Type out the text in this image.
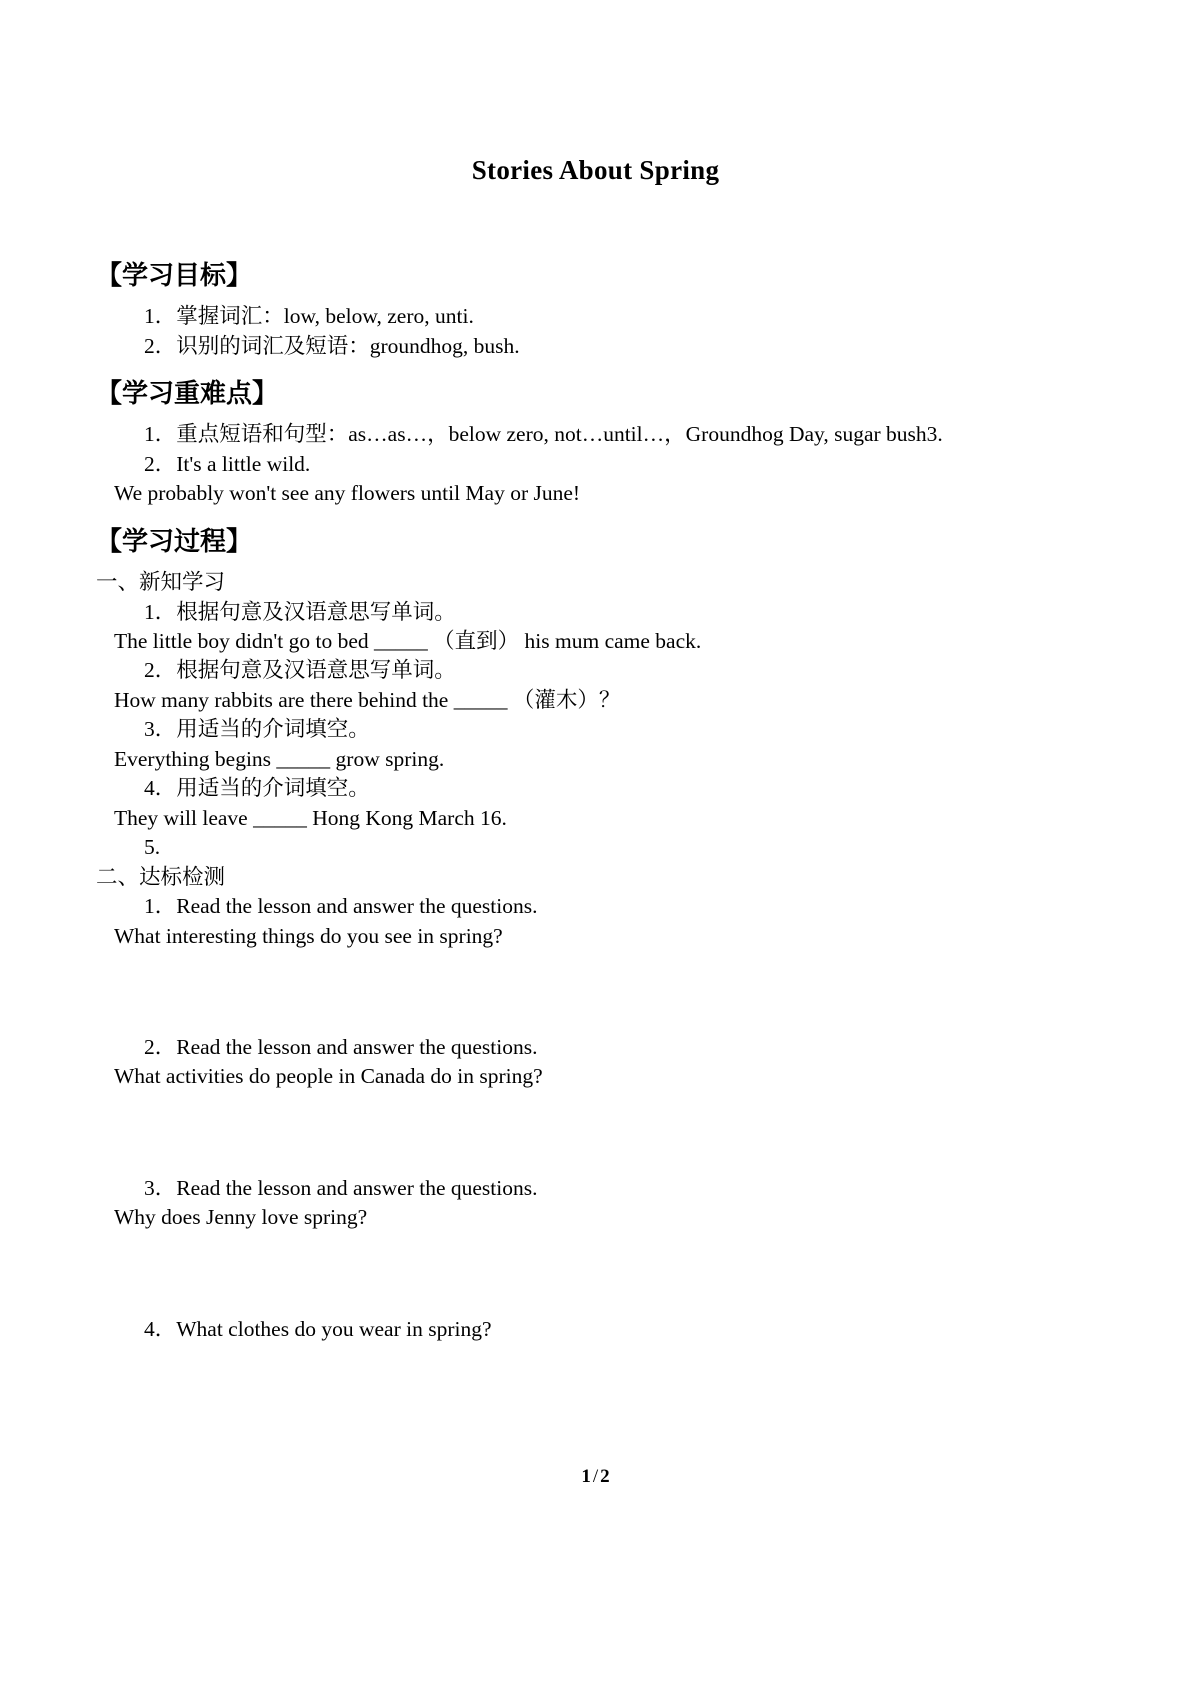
Stories About Spring
【学习目标】
1．掌握词汇：low, below, zero, unti.
2．识别的词汇及短语：groundhog, bush.
【学习重难点】
1．重点短语和句型：as…as…，below zero, not…until…，Groundhog Day, sugar bush3.
2．It's a little wild.
We probably won't see any flowers until May or June!
【学习过程】
一、新知学习
1．根据句意及汉语意思写单词。
The little boy didn't go to bed _____ （直到） his mum came back.
2．根据句意及汉语意思写单词。
How many rabbits are there behind the _____ （灌木）？
3．用适当的介词填空。
Everything begins _____ grow spring.
4．用适当的介词填空。
They will leave _____ Hong Kong March 16.
5.
二、达标检测
1．Read the lesson and answer the questions.
What interesting things do you see in spring?
2．Read the lesson and answer the questions.
What activities do people in Canada do in spring?
3．Read the lesson and answer the questions.
Why does Jenny love spring?
4．What clothes do you wear in spring?
1 / 2
